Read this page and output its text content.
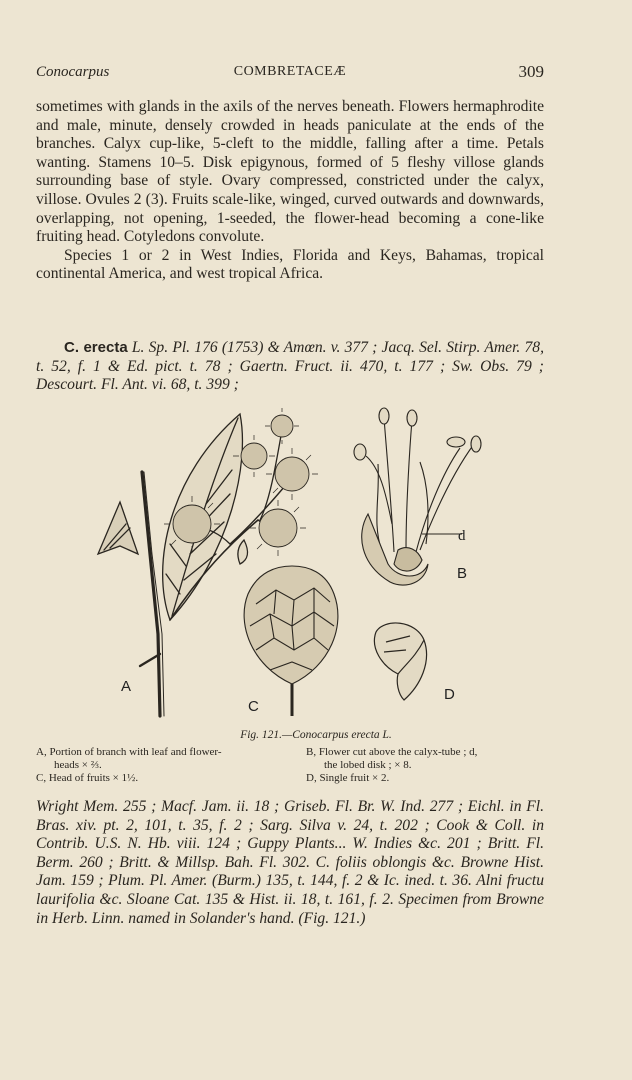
Conocarpus	COMBRETACEÆ	309

sometimes with glands in the axils of the nerves beneath. Flowers hermaphrodite and male, minute, densely crowded in heads paniculate at the ends of the branches. Calyx cup-like, 5-cleft to the middle, falling after a time. Petals wanting. Stamens 10–5. Disk epigynous, formed of 5 fleshy villose glands surrounding base of style. Ovary compressed, constricted under the calyx, villose. Ovules 2 (3). Fruits scale-like, winged, curved outwards and downwards, overlapping, not opening, 1-seeded, the flower-head becoming a cone-like fruiting head. Cotyledons convolute.

Species 1 or 2 in West Indies, Florida and Keys, Bahamas, tropical continental America, and west tropical Africa.

C. erecta L. Sp. Pl. 176 (1753) & Amœn. v. 377 ; Jacq. Sel. Stirp. Amer. 78, t. 52, f. 1 & Ed. pict. t. 78 ; Gaertn. Fruct. ii. 470, t. 177 ; Sw. Obs. 79 ; Descourt. Fl. Ant. vi. 68, t. 399 ;
A
B
C
D
d
Fig. 121.—Conocarpus erecta L.
A, Portion of branch with leaf and flower-
heads × ⅔.
C, Head of fruits × 1½.
B, Flower cut above the calyx-tube ; d,
the lobed disk ; × 8.
D, Single fruit × 2.
Wright Mem. 255 ; Macf. Jam. ii. 18 ; Griseb. Fl. Br. W. Ind. 277 ; Eichl. in Fl. Bras. xiv. pt. 2, 101, t. 35, f. 2 ; Sarg. Silva v. 24, t. 202 ; Cook & Coll. in Contrib. U.S. N. Hb. viii. 124 ; Guppy Plants... W. Indies &c. 201 ; Britt. Fl. Berm. 260 ; Britt. & Millsp. Bah. Fl. 302. C. foliis oblongis &c. Browne Hist. Jam. 159 ; Plum. Pl. Amer. (Burm.) 135, t. 144, f. 2 & Ic. ined. t. 36. Alni fructu laurifolia &c. Sloane Cat. 135 & Hist. ii. 18, t. 161, f. 2. Specimen from Browne in Herb. Linn. named in Solander's hand. (Fig. 121.)
